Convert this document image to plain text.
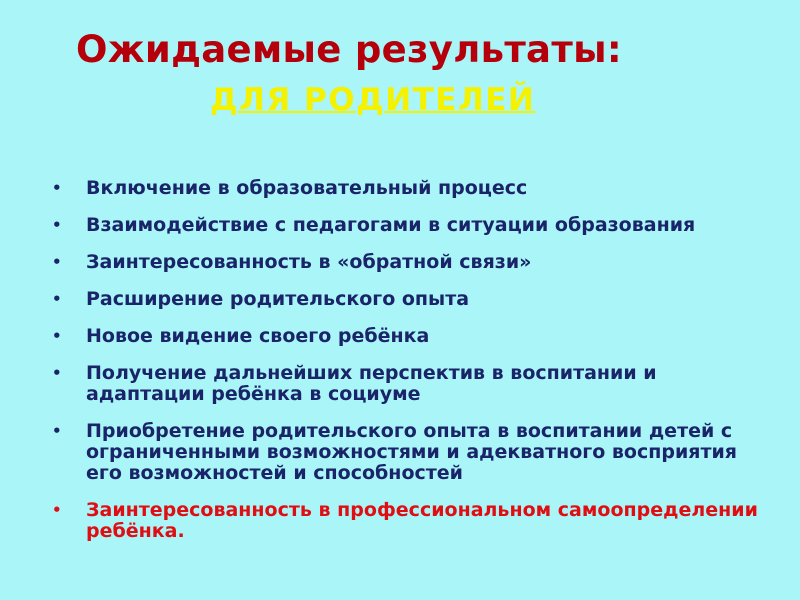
Ожидаемые результаты:
ДЛЯ РОДИТЕЛЕЙ
• Включение в образовательный процесс
• Взаимодействие с педагогами в ситуации образования
• Заинтересованность в «обратной связи»
• Расширение родительского опыта
• Новое видение своего ребёнка
• Получение дальнейших перспектив в воспитании и адаптации ребёнка в социуме
• Приобретение родительского опыта в воспитании детей с ограниченными возможностями и адекватного восприятия его возможностей и способностей
• Заинтересованность в профессиональном самоопределении ребёнка.
